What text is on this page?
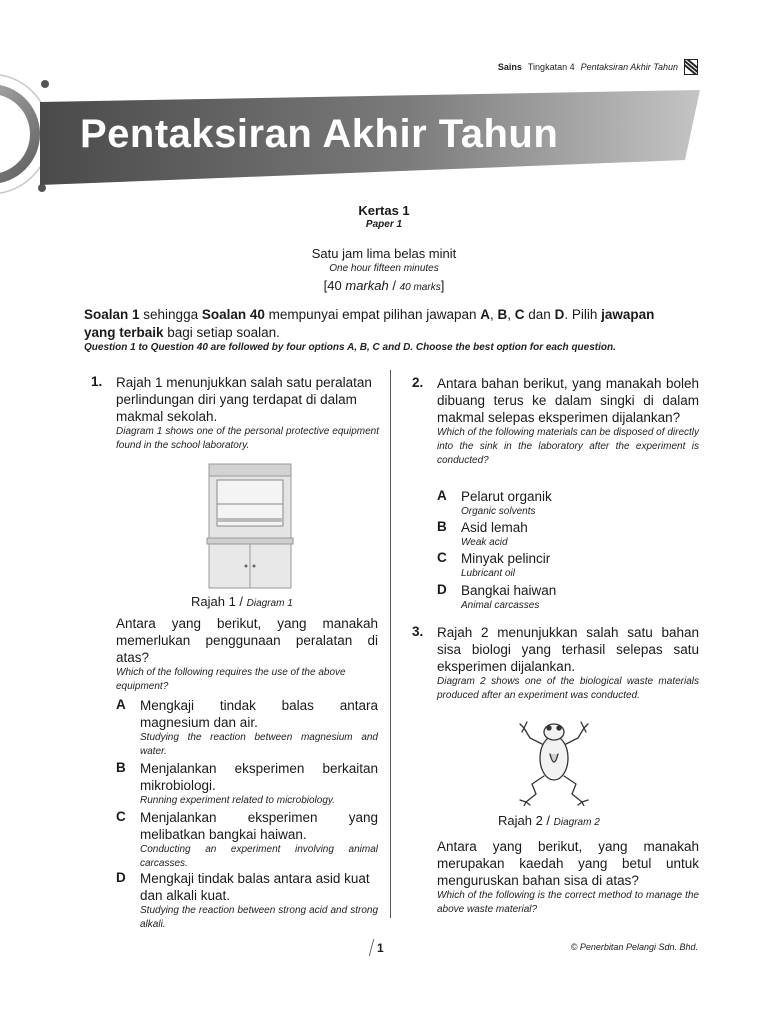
Sains Tingkatan 4 Pentaksiran Akhir Tahun
Pentaksiran Akhir Tahun
Kertas 1
Paper 1
Satu jam lima belas minit
One hour fifteen minutes
[40 markah / 40 marks]
Soalan 1 sehingga Soalan 40 mempunyai empat pilihan jawapan A, B, C dan D. Pilih jawapan yang terbaik bagi setiap soalan.
Question 1 to Question 40 are followed by four options A, B, C and D. Choose the best option for each question.
1. Rajah 1 menunjukkan salah satu peralatan perlindungan diri yang terdapat di dalam makmal sekolah.
Diagram 1 shows one of the personal protective equipment found in the school laboratory.
Rajah 1 / Diagram 1
Antara yang berikut, yang manakah memerlukan penggunaan peralatan di atas?
Which of the following requires the use of the above equipment?
A Mengkaji tindak balas antara magnesium dan air.
Studying the reaction between magnesium and water.
B Menjalankan eksperimen berkaitan mikrobiologi.
Running experiment related to microbiology.
C Menjalankan eksperimen yang melibatkan bangkai haiwan.
Conducting an experiment involving animal carcasses.
D Mengkaji tindak balas antara asid kuat dan alkali kuat.
Studying the reaction between strong acid and strong alkali.
2. Antara bahan berikut, yang manakah boleh dibuang terus ke dalam singki di dalam makmal selepas eksperimen dijalankan?
Which of the following materials can be disposed of directly into the sink in the laboratory after the experiment is conducted?
A Pelarut organik
Organic solvents
B Asid lemah
Weak acid
C Minyak pelincir
Lubricant oil
D Bangkai haiwan
Animal carcasses
3. Rajah 2 menunjukkan salah satu bahan sisa biologi yang terhasil selepas satu eksperimen dijalankan.
Diagram 2 shows one of the biological waste materials produced after an experiment was conducted.
Rajah 2 / Diagram 2
Antara yang berikut, yang manakah merupakan kaedah yang betul untuk menguruskan bahan sisa di atas?
Which of the following is the correct method to manage the above waste material?
1	© Penerbitan Pelangi Sdn. Bhd.
